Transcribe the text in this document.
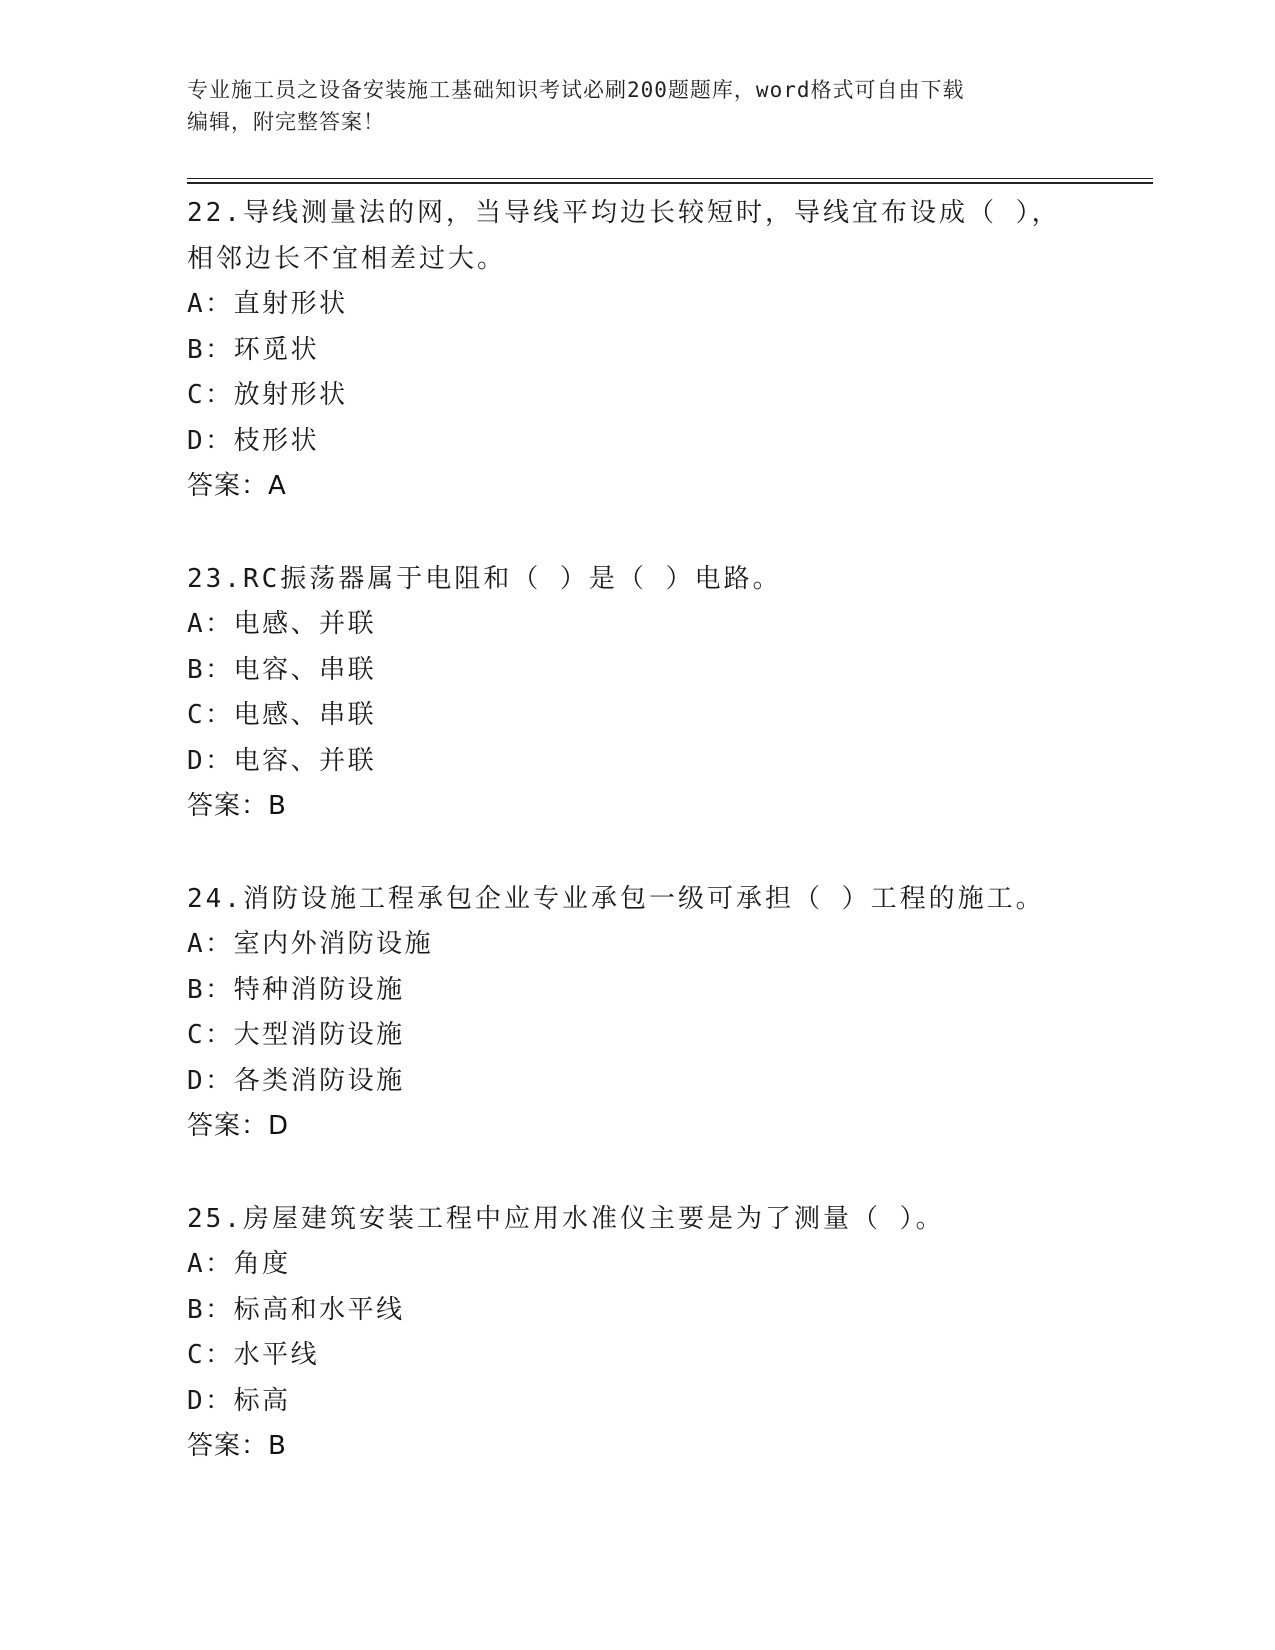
专业施工员之设备安装施工基础知识考试必刷200题题库，word格式可自由下载
编辑，附完整答案！
22.导线测量法的网，当导线平均边长较短时，导线宜布设成（ ），
相邻边长不宜相差过大。
A：直射形状
B：环觅状
C：放射形状
D：枝形状
答案：A
23.RC振荡器属于电阻和（ ）是（ ）电路。
A：电感、并联
B：电容、串联
C：电感、串联
D：电容、并联
答案：B
24.消防设施工程承包企业专业承包一级可承担（ ）工程的施工。
A：室内外消防设施
B：特种消防设施
C：大型消防设施
D：各类消防设施
答案：D
25.房屋建筑安装工程中应用水准仪主要是为了测量（ ）。
A：角度
B：标高和水平线
C：水平线
D：标高
答案：B
